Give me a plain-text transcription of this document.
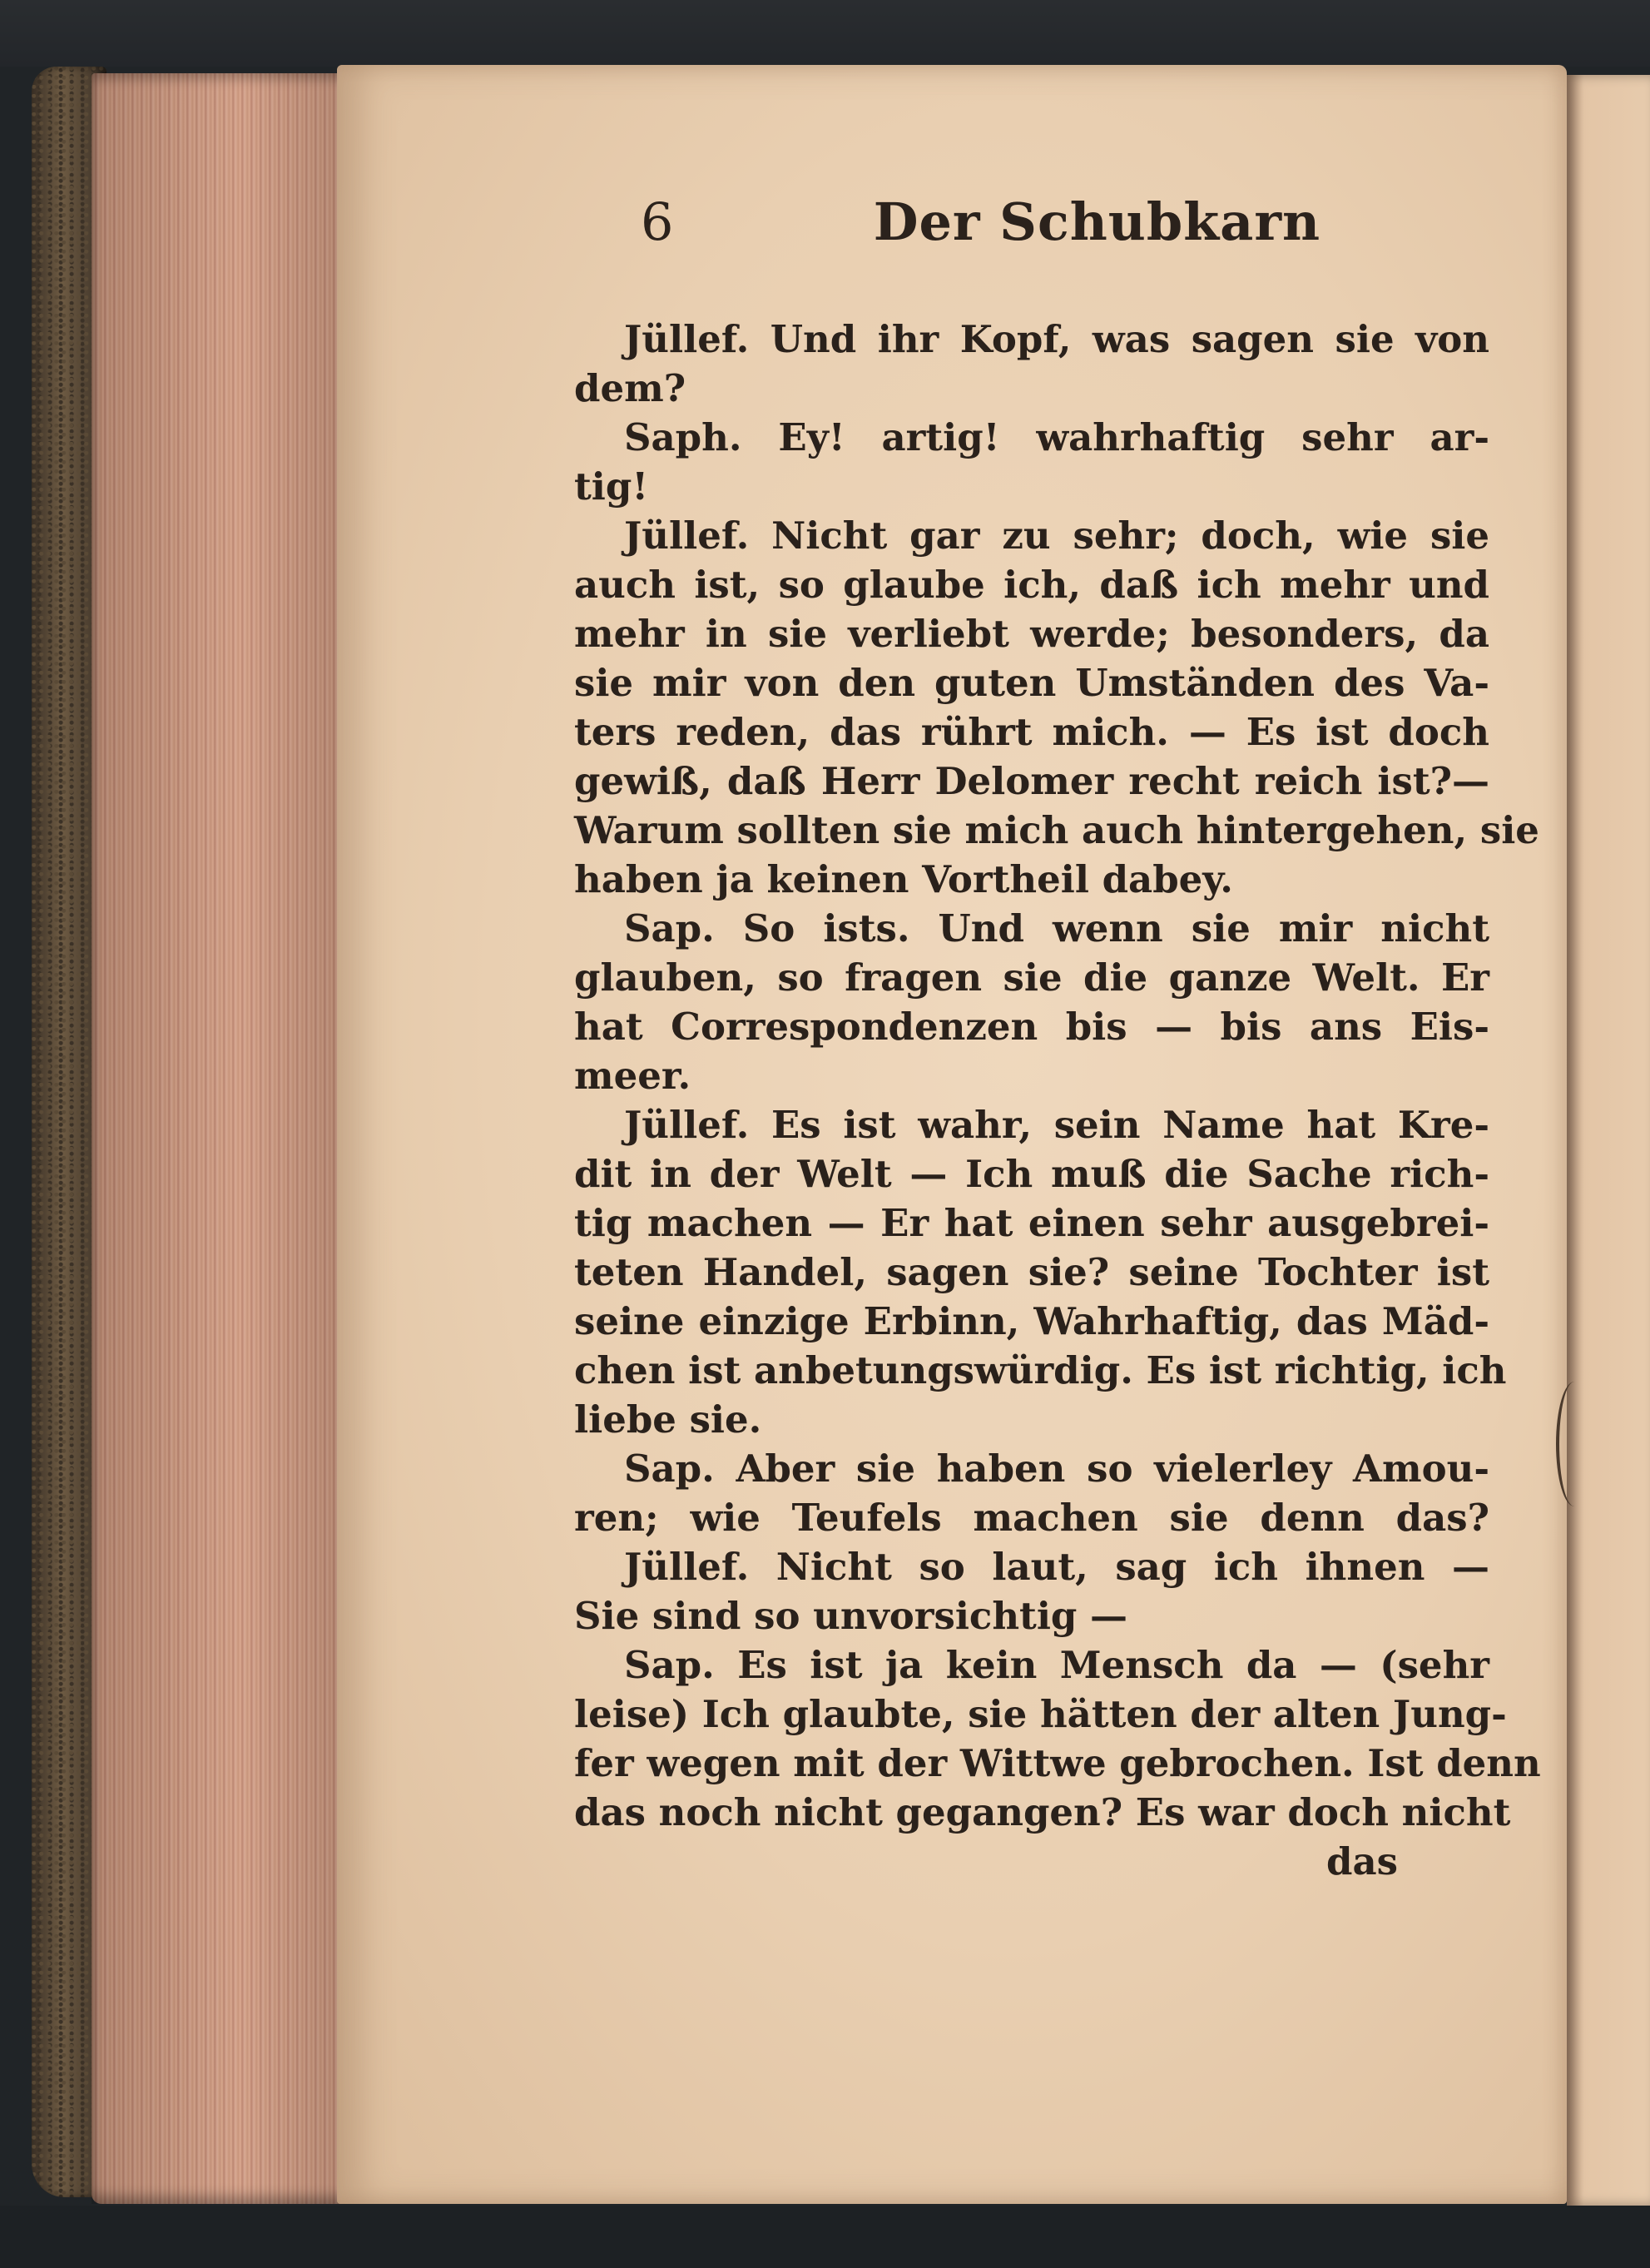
6	Der Schubkarn
Jüllef. Und ihr Kopf, was sagen sie von
dem?
Saph. Ey! artig! wahrhaftig sehr ar-
tig!
Jüllef. Nicht gar zu sehr; doch, wie sie
auch ist, so glaube ich, daß ich mehr und
mehr in sie verliebt werde; besonders, da
sie mir von den guten Umständen des Va-
ters reden, das rührt mich. — Es ist doch
gewiß, daß Herr Delomer recht reich ist?—
Warum sollten sie mich auch hintergehen, sie
haben ja keinen Vortheil dabey.
Sap. So ists. Und wenn sie mir nicht
glauben, so fragen sie die ganze Welt. Er
hat Correspondenzen bis — bis ans Eis-
meer.
Jüllef. Es ist wahr, sein Name hat Kre-
dit in der Welt — Ich muß die Sache rich-
tig machen — Er hat einen sehr ausgebrei-
teten Handel, sagen sie? seine Tochter ist
seine einzige Erbinn, Wahrhaftig, das Mäd-
chen ist anbetungswürdig. Es ist richtig, ich
liebe sie.
Sap. Aber sie haben so vielerley Amou-
ren; wie Teufels machen sie denn das?
Jüllef. Nicht so laut, sag ich ihnen —
Sie sind so unvorsichtig —
Sap. Es ist ja kein Mensch da — (sehr
leise) Ich glaubte, sie hätten der alten Jung-
fer wegen mit der Wittwe gebrochen. Ist denn
das noch nicht gegangen? Es war doch nicht
das
